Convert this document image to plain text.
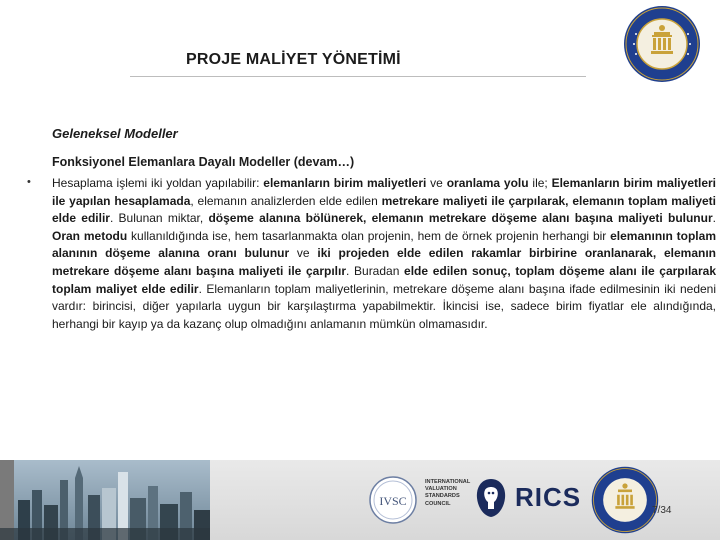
PROJE MALİYET YÖNETİMİ
Geleneksel Modeller
Fonksiyonel Elemanlara Dayalı Modeller (devam…)
• Hesaplama işlemi iki yoldan yapılabilir: elemanların birim maliyetleri ve oranlama yolu ile; Elemanların birim maliyetleri ile yapılan hesaplamada, elemanın analizlerden elde edilen metrekare maliyeti ile çarpılarak, elemanın toplam maliyeti elde edilir. Bulunan miktar, döşeme alanına bölünerek, elemanın metrekare döşeme alanı başına maliyeti bulunur. Oran metodu kullanıldığında ise, hem tasarlanmakta olan projenin, hem de örnek projenin herhangi bir elemanının toplam alanının döşeme alanına oranı bulunur ve iki projeden elde edilen rakamlar birbirine oranlanarak, elemanın metrekare döşeme alanı başına maliyeti ile çarpılır. Buradan elde edilen sonuç, toplam döşeme alanı ile çarpılarak toplam maliyet elde edilir. Elemanların toplam maliyetlerinin, metrekare döşeme alanı başına ifade edilmesinin iki nedeni vardır: birincisi, diğer yapılarla uygun bir karşılaştırma yapabilmektir. İkincisi ise, sadece birim fiyatlar ele alındığında, herhangi bir kayıp ya da kazanç olup olmadığını anlamanın mümkün olmamasıdır.
IVSC
INTERNATIONAL
VALUATION
STANDARDS
COUNCIL	RICS	7/34
